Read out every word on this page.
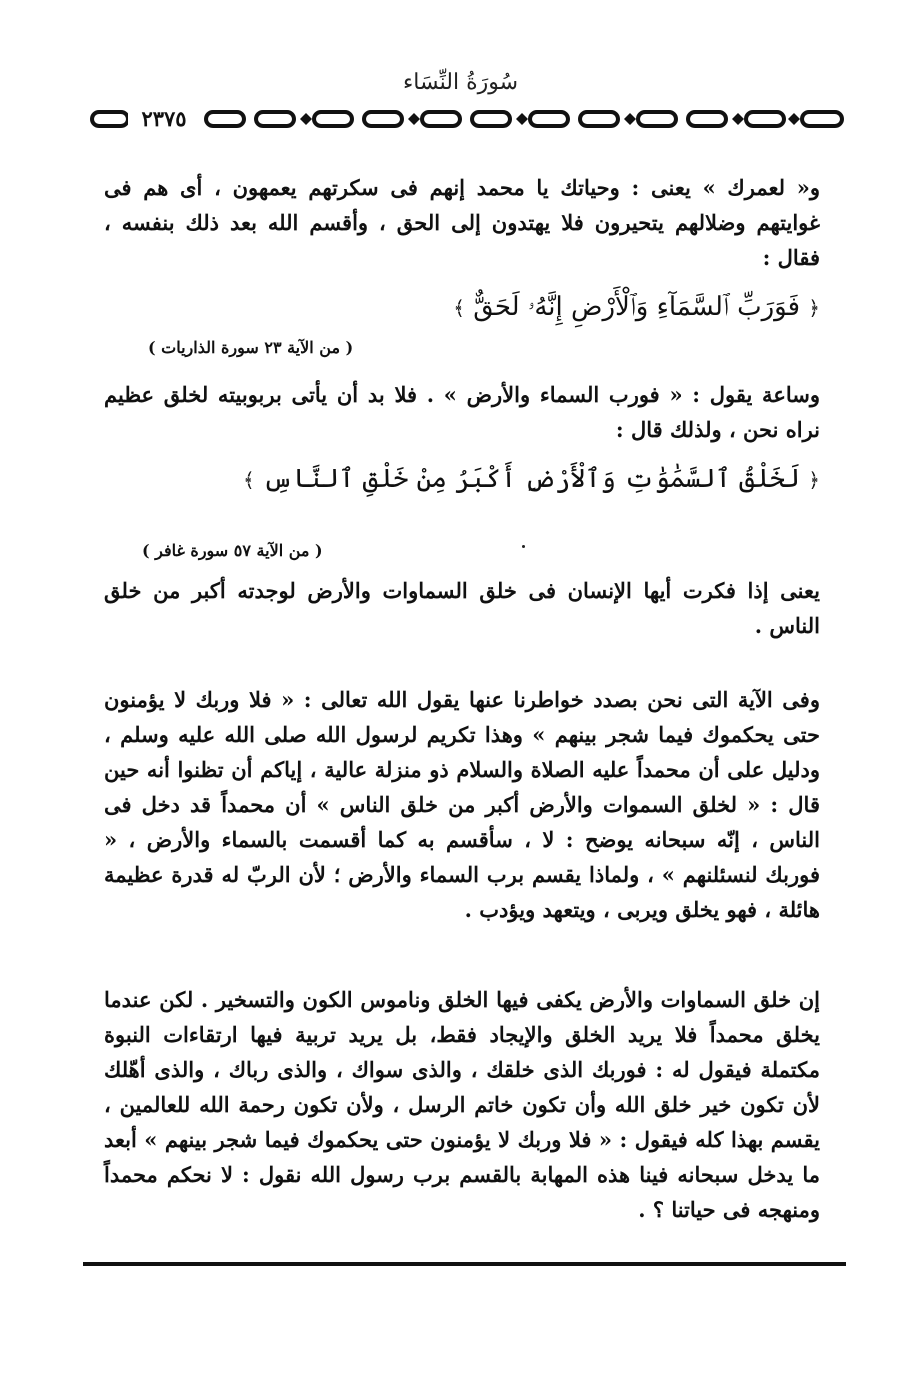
سُورَةُ النِّسَاء
٢٣٧٥
و« لعمرك » يعنى : وحياتك يا محمد إنهم فى سكرتهم يعمهون ، أى هم فى غوايتهم وضلالهم يتحيرون فلا يهتدون إلى الحق ، وأقسم الله بعد ذلك بنفسه ، فقال :
﴿ فَوَرَبِّ ٱلسَّمَآءِ وَٱلْأَرْضِ إِنَّهُۥ لَحَقٌّ ﴾
( من الآية ٢٣ سورة الذاريات )
وساعة يقول : « فورب السماء والأرض » . فلا بد أن يأتى بربوبيته لخلق عظيم نراه نحن ، ولذلك قال :
﴿ لَخَلْقُ ٱلسَّمَٰوَٰتِ وَٱلْأَرْضِ أَكْبَرُ مِنْ خَلْقِ ٱلنَّاسِ ﴾
( من الآية ٥٧ سورة غافر )
يعنى إذا فكرت أيها الإنسان فى خلق السماوات والأرض لوجدته أكبر من خلق الناس .
وفى الآية التى نحن بصدد خواطرنا عنها يقول الله تعالى : « فلا وربك لا يؤمنون حتى يحكموك فيما شجر بينهم » وهذا تكريم لرسول الله صلى الله عليه وسلم ، ودليل على أن محمداً عليه الصلاة والسلام ذو منزلة عالية ، إياكم أن تظنوا أنه حين قال : « لخلق السموات والأرض أكبر من خلق الناس » أن محمداً قد دخل فى الناس ، إنّه سبحانه يوضح : لا ، سأقسم به كما أقسمت بالسماء والأرض ، « فوربك لنسئلنهم » ، ولماذا يقسم برب السماء والأرض ؛ لأن الربّ له قدرة عظيمة هائلة ، فهو يخلق ويربى ، ويتعهد ويؤدب .
إن خلق السماوات والأرض يكفى فيها الخلق وناموس الكون والتسخير . لكن عندما يخلق محمداً فلا يريد الخلق والإيجاد فقط، بل يريد تربية فيها ارتقاءات النبوة مكتملة فيقول له : فوربك الذى خلقك ، والذى سواك ، والذى رباك ، والذى أهّلك لأن تكون خير خلق الله وأن تكون خاتم الرسل ، ولأن تكون رحمة الله للعالمين ، يقسم بهذا كله فيقول : « فلا وربك لا يؤمنون حتى يحكموك فيما شجر بينهم » أبعد ما يدخل سبحانه فينا هذه المهابة بالقسم برب رسول الله نقول : لا نحكم محمداً ومنهجه فى حياتنا ؟ .
